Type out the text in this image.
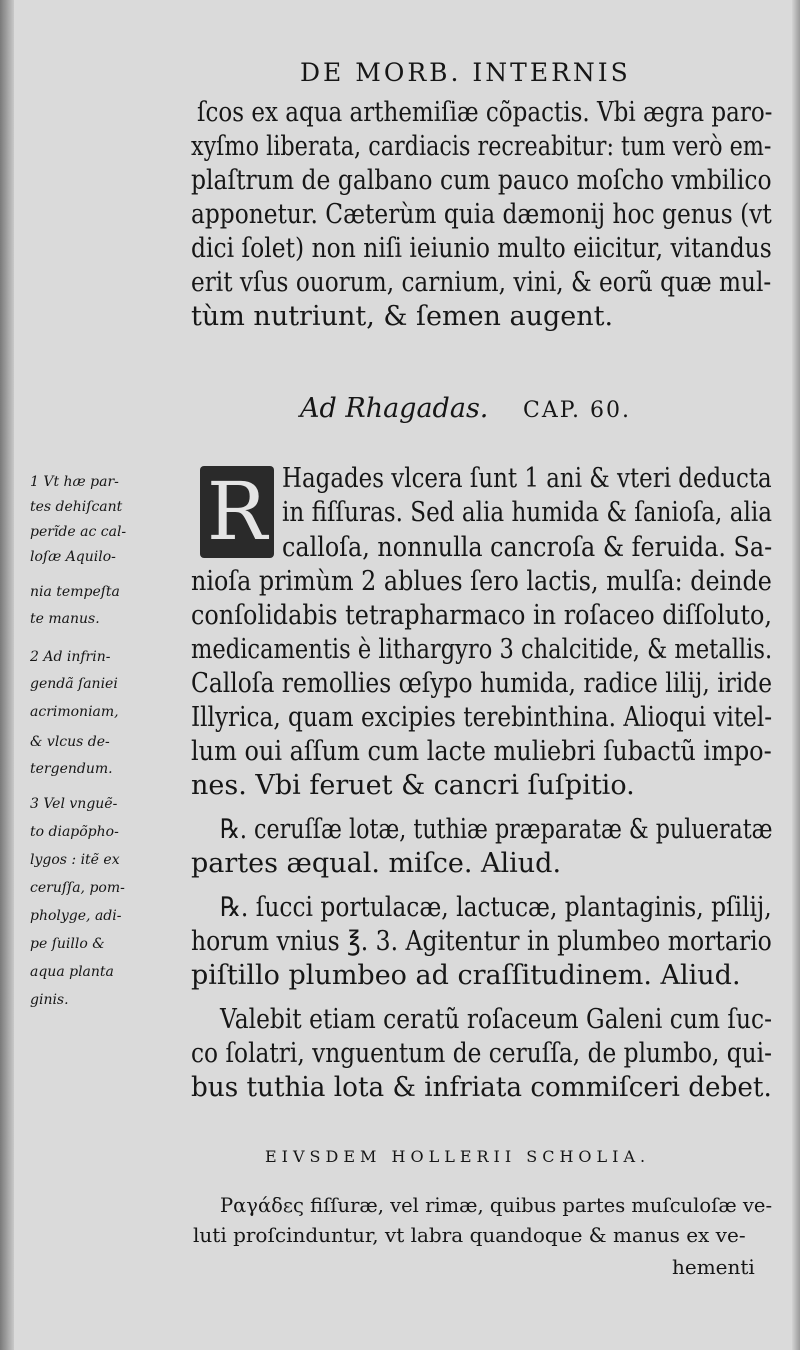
DE MORB. INTERNIS
ſcos ex aqua arthemiſiæ cõpactis. Vbi ægra paro-
xyſmo liberata, cardiacis recreabitur: tum verò em-
plaſtrum de galbano cum pauco moſcho vmbilico
apponetur. Cæterùm quia dæmonij hoc genus (vt
dici ſolet) non niſi ieiunio multo eiicitur, vitandus
erit vſus ouorum, carnium, vini, & eorũ quæ mul-
tùm nutriunt, & ſemen augent.
Ad Rhagadas. CAP. 60.
R Hagades vlcera ſunt 1 ani & vteri deducta
in fiſſuras. Sed alia humida & ſanioſa, alia
calloſa, nonnulla cancroſa & feruida. Sa-
nioſa primùm 2 ablues ſero lactis, mulſa: deinde
conſolidabis tetrapharmaco in roſaceo diſſoluto,
medicamentis è lithargyro 3 chalcitide, & metallis.
Calloſa remollies œſypo humida, radice lilij, iride
Illyrica, quam excipies terebinthina. Alioqui vitel-
lum oui aſſum cum lacte muliebri ſubactũ impo-
nes. Vbi feruet & cancri ſuſpitio.
℞. ceruſſæ lotæ, tuthiæ præparatæ & pulueratæ
partes æqual. miſce. Aliud.
℞. ſucci portulacæ, lactucæ, plantaginis, pſilij,
horum vnius ℥. 3. Agitentur in plumbeo mortario
piſtillo plumbeo ad craſſitudinem. Aliud.
Valebit etiam ceratũ roſaceum Galeni cum ſuc-
co ſolatri, vnguentum de ceruſſa, de plumbo, qui-
bus tuthia lota & infriata commiſceri debet.
1 Vt hæ par-
tes dehiſcant
perĩde ac cal-
loſæ Aquilo-
nia tempeſta
te manus.
2 Ad infrin-
gendã ſaniei
acrimoniam,
& vlcus de-
tergendum.
3 Vel vnguẽ-
to diapõpho-
lygos : itẽ ex
ceruſſa, pom-
pholyge, adi-
pe ſuillo &
aqua planta
ginis.
EIVSDEM HOLLERII SCHOLIA.
Ραγάδες fiſſuræ, vel rimæ, quibus partes muſculoſæ ve-
luti proſcinduntur, vt labra quandoque & manus ex ve-
hementi
